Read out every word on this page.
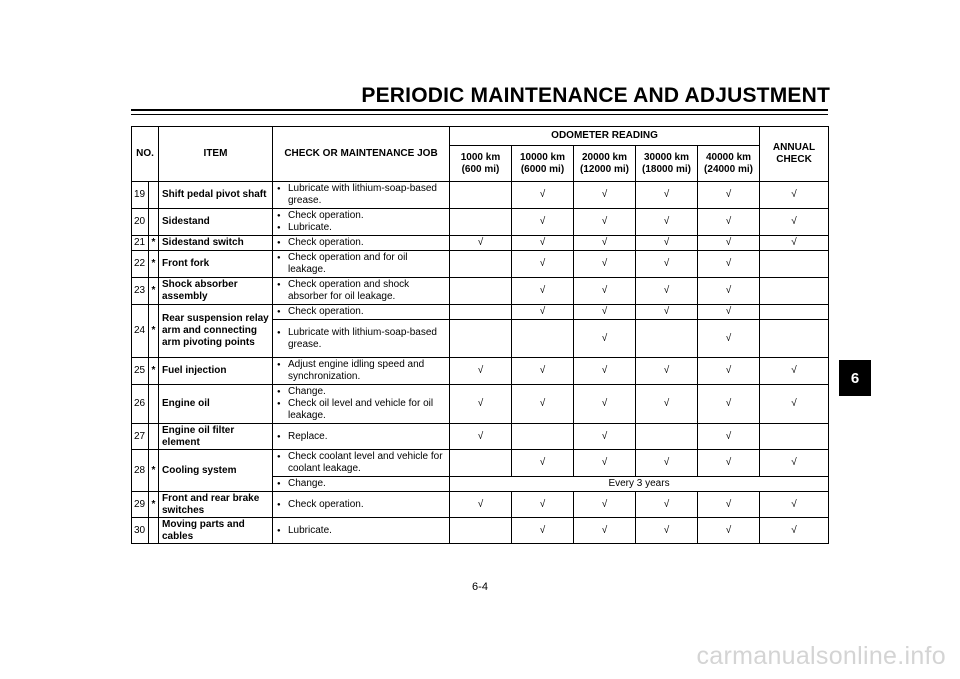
PERIODIC MAINTENANCE AND ADJUSTMENT
NO.		ITEM	CHECK OR MAINTENANCE JOB	ODOMETER READING					ANNUAL CHECK
				1000 km (600 mi)	10000 km (6000 mi)	20000 km (12000 mi)	30000 km (18000 mi)	40000 km (24000 mi)	
19		Shift pedal pivot shaft	● Lubricate with lithium-soap-based grease.		√	√	√	√	√
20		Sidestand	● Check operation.
● Lubricate.		√	√	√	√	√
21	*	Sidestand switch	● Check operation.	√	√	√	√	√	√
22	*	Front fork	● Check operation and for oil leakage.		√	√	√	√	
23	*	Shock absorber assembly	● Check operation and shock absorber for oil leakage.		√	√	√	√	
24	*	Rear suspension relay arm and connecting arm pivoting points	● Check operation.		√	√	√	√	

			● Lubricate with lithium-soap-based grease.			√		√	
25	*	Fuel injection	● Adjust engine idling speed and synchronization.	√	√	√	√	√	√
26		Engine oil	● Change.
● Check oil level and vehicle for oil leakage.	√	√	√	√	√	√
27		Engine oil filter element	● Replace.	√		√		√	
28	*	Cooling system	● Check coolant level and vehicle for coolant leakage.		√	√	√	√	√

			● Change.	Every 3 years					
29	*	Front and rear brake switches	● Check operation.	√	√	√	√	√	√
30		Moving parts and cables	● Lubricate.		√	√	√	√	√
6
6-4
carmanualsonline.info
